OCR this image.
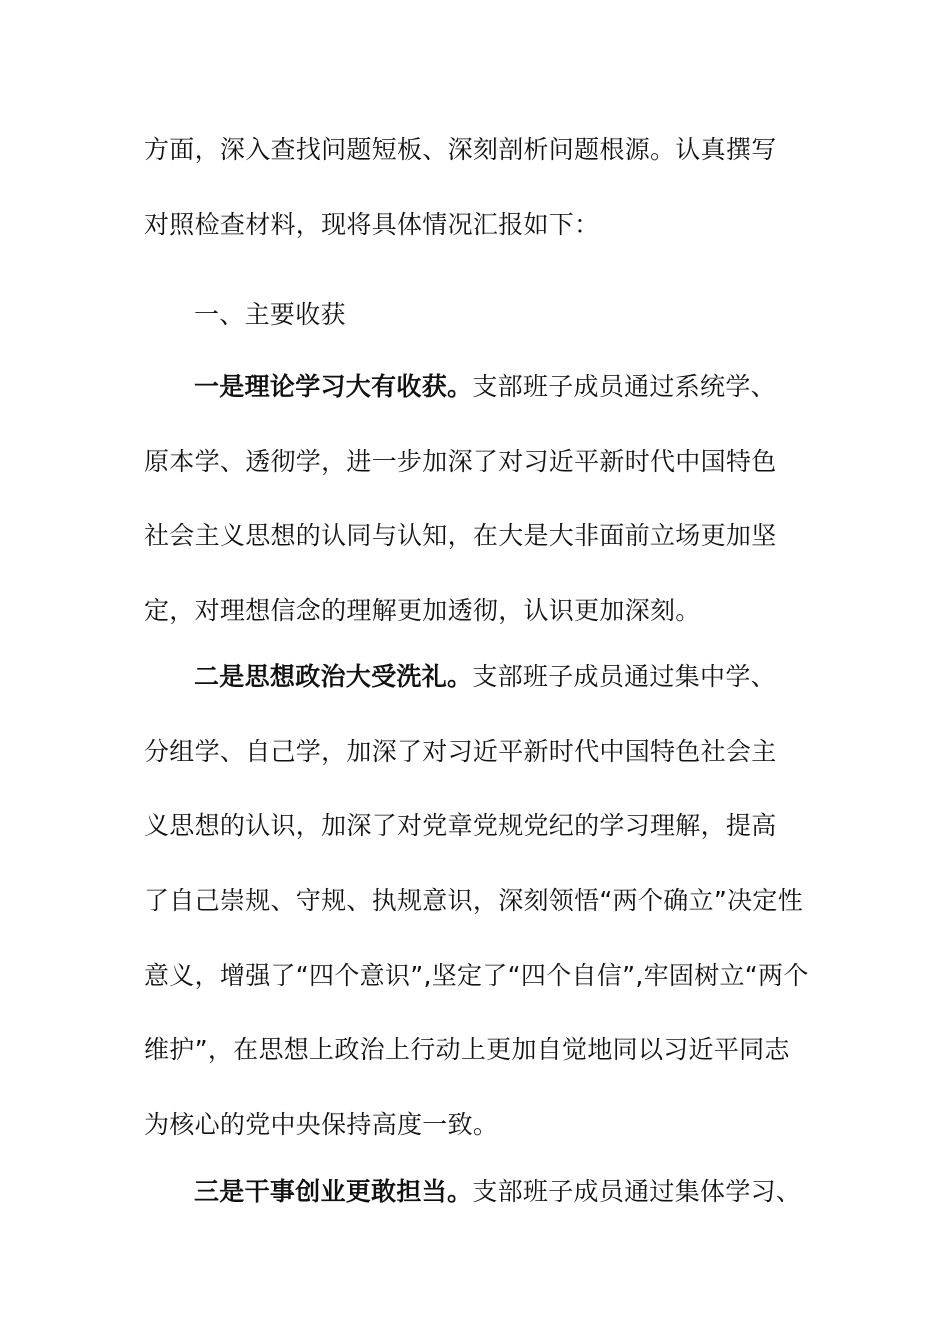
方面，深入查找问题短板、深刻剖析问题根源。认真撰写
对照检查材料，现将具体情况汇报如下：
一、主要收获
一是理论学习大有收获。支部班子成员通过系统学、
原本学、透彻学，进一步加深了对习近平新时代中国特色
社会主义思想的认同与认知，在大是大非面前立场更加坚
定，对理想信念的理解更加透彻，认识更加深刻。
二是思想政治大受洗礼。支部班子成员通过集中学、
分组学、自己学，加深了对习近平新时代中国特色社会主
义思想的认识，加深了对党章党规党纪的学习理解，提高
了自己崇规、守规、执规意识，深刻领悟“两个确立”决定性
意义，增强了“四个意识”,坚定了“四个自信”,牢固树立“两个
维护”，在思想上政治上行动上更加自觉地同以习近平同志
为核心的党中央保持高度一致。
三是干事创业更敢担当。支部班子成员通过集体学习、
